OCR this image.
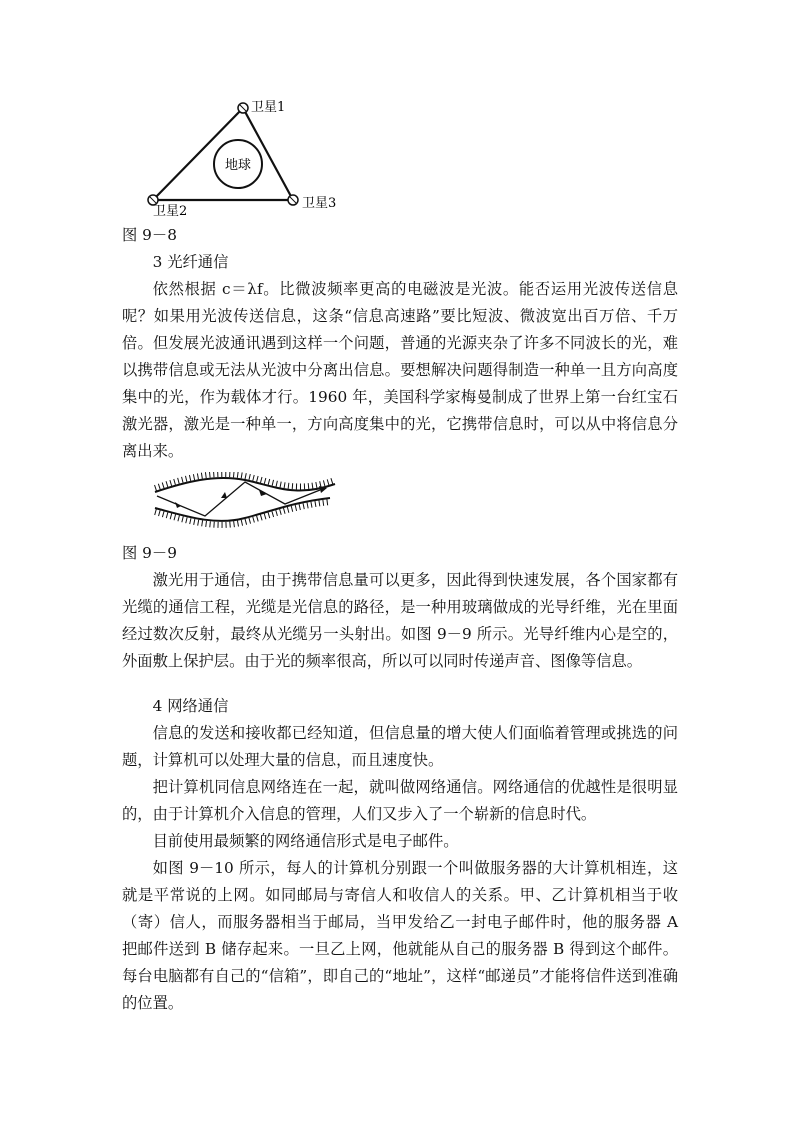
地球
卫星1
卫星2
卫星3
图 9－8

3 光纤通信

依然根据 c＝λf。比微波频率更高的电磁波是光波。能否运用光波传送信息呢？如果用光波传送信息，这条“信息高速路”要比短波、微波宽出百万倍、千万倍。但发展光波通讯遇到这样一个问题，普通的光源夹杂了许多不同波长的光，难以携带信息或无法从光波中分离出信息。要想解决问题得制造一种单一且方向高度集中的光，作为载体才行。1960 年，美国科学家梅曼制成了世界上第一台红宝石激光器，激光是一种单一，方向高度集中的光，它携带信息时，可以从中将信息分离出来。

图 9－9

激光用于通信，由于携带信息量可以更多，因此得到快速发展，各个国家都有光缆的通信工程，光缆是光信息的路径，是一种用玻璃做成的光导纤维，光在里面经过数次反射，最终从光缆另一头射出。如图 9－9 所示。光导纤维内心是空的，外面敷上保护层。由于光的频率很高，所以可以同时传递声音、图像等信息。

4 网络通信

信息的发送和接收都已经知道，但信息量的增大使人们面临着管理或挑选的问题，计算机可以处理大量的信息，而且速度快。

把计算机同信息网络连在一起，就叫做网络通信。网络通信的优越性是很明显的，由于计算机介入信息的管理，人们又步入了一个崭新的信息时代。

目前使用最频繁的网络通信形式是电子邮件。

如图 9－10 所示，每人的计算机分别跟一个叫做服务器的大计算机相连，这就是平常说的上网。如同邮局与寄信人和收信人的关系。甲、乙计算机相当于收（寄）信人，而服务器相当于邮局，当甲发给乙一封电子邮件时，他的服务器 A 把邮件送到 B 储存起来。一旦乙上网，他就能从自己的服务器 B 得到这个邮件。每台电脑都有自己的“信箱”，即自己的“地址”，这样“邮递员”才能将信件送到准确的位置。
